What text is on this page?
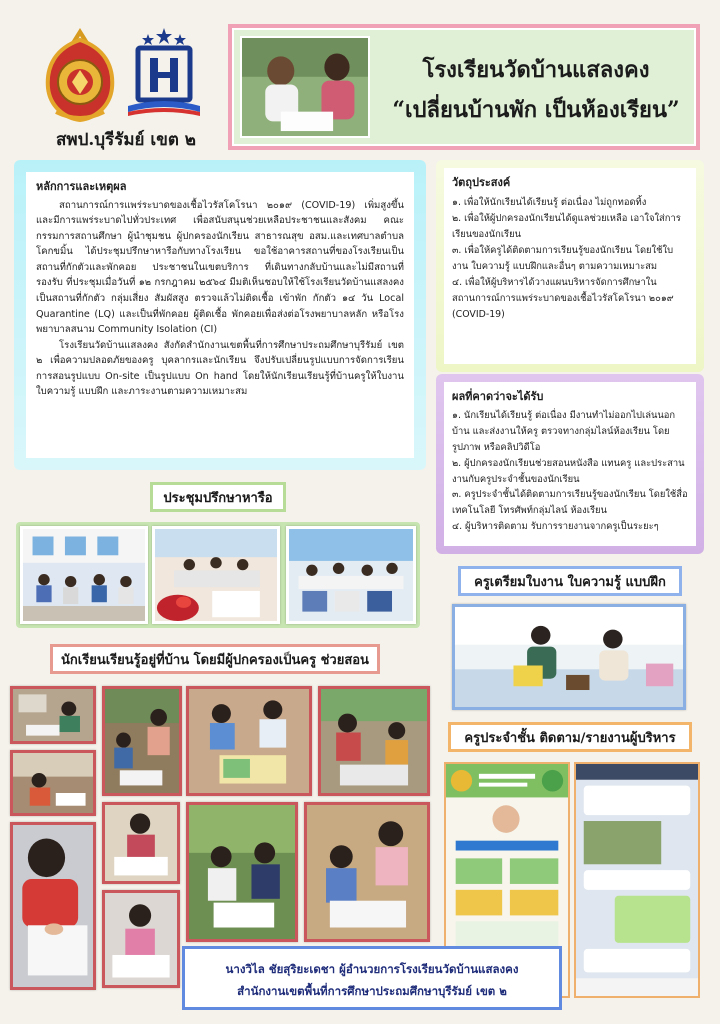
สพป.บุรีรัมย์ เขต ๒
โรงเรียนวัดบ้านแสลงคง
“เปลี่ยนบ้านพัก เป็นห้องเรียน”
หลักการและเหตุผล

สถานการณ์การแพร่ระบาดของเชื้อไวรัสโคโรนา ๒๐๑๙ (COVID-19) เพิ่มสูงขึ้น และมีการแพร่ระบาดไปทั่วประเทศ เพื่อสนับสนุนช่วยเหลือประชาชนและสังคม คณะกรรมการสถานศึกษา ผู้นำชุมชน ผู้ปกครองนักเรียน สาธารณสุข อสม.และเทศบาลตำบลโคกขมิ้น ได้ประชุมปรึกษาหารือกับทางโรงเรียน ขอใช้อาคารสถานที่ของโรงเรียนเป็นสถานที่กักตัวและพักคอย ประชาชนในเขตบริการ ที่เดินทางกลับบ้านและไม่มีสถานที่รองรับ ที่ประชุมเมื่อวันที่ ๑๒ กรกฎาคม ๒๕๖๔ มีมติเห็นชอบให้ใช้โรงเรียนวัดบ้านแสลงคง เป็นสถานที่กักตัว กลุ่มเสี่ยง สัมผัสสูง ตรวจแล้วไม่ติดเชื้อ เข้าพัก กักตัว ๑๔ วัน Local Quarantine (LQ) และเป็นที่พักคอย ผู้ติดเชื้อ พักคอยเพื่อส่งต่อโรงพยาบาลหลัก หรือโรงพยาบาลสนาม Community Isolation (CI)

โรงเรียนวัดบ้านแสลงคง สังกัดสำนักงานเขตพื้นที่การศึกษาประถมศึกษาบุรีรัมย์ เขต ๒ เพื่อความปลอดภัยของครู บุคลากรและนักเรียน จึงปรับเปลี่ยนรูปแบบการจัดการเรียนการสอนรูปแบบ On-site เป็นรูปแบบ On hand โดยให้นักเรียนเรียนรู้ที่บ้านครูให้ใบงาน ใบความรู้ แบบฝึก และภาระงานตามความเหมาะสม

วัตถุประสงค์
๑. เพื่อให้นักเรียนได้เรียนรู้ ต่อเนื่อง ไม่ถูกทอดทิ้ง
๒. เพื่อให้ผู้ปกครองนักเรียนได้ดูแลช่วยเหลือ เอาใจใส่การเรียนของนักเรียน
๓. เพื่อให้ครูได้ติดตามการเรียนรู้ของนักเรียน โดยใช้ใบงาน ใบความรู้ แบบฝึกและอื่นๆ ตามความเหมาะสม
๔. เพื่อให้ผู้บริหารได้วางแผนบริหารจัดการศึกษาในสถานการณ์การแพร่ระบาดของเชื้อไวรัสโคโรนา ๒๐๑๙ (COVID-19)
ผลที่คาดว่าจะได้รับ
๑. นักเรียนได้เรียนรู้ ต่อเนื่อง มีงานทำไม่ออกไปเล่นนอกบ้าน และส่งงานให้ครู ตรวจทางกลุ่มไลน์ห้องเรียน โดยรูปภาพ หรือคลิปวิดีโอ
๒. ผู้ปกครองนักเรียนช่วยสอนหนังสือ แทนครู และประสานงานกับครูประจำชั้นของนักเรียน
๓. ครูประจำชั้นได้ติดตามการเรียนรู้ของนักเรียน โดยใช้สื่อเทคโนโลยี โทรศัพท์กลุ่มไลน์ ห้องเรียน
๔. ผู้บริหารติดตาม รับการรายงานจากครูเป็นระยะๆ
ประชุมปรึกษาหารือ
ครูเตรียมใบงาน ใบความรู้ แบบฝึก
นักเรียนเรียนรู้อยู่ที่บ้าน โดยมีผู้ปกครองเป็นครู ช่วยสอน
ครูประจำชั้น ติดตาม/รายงานผู้บริหาร
นางวิไล ชัยสุริยะเดชา ผู้อำนวยการโรงเรียนวัดบ้านแสลงคง
สำนักงานเขตพื้นที่การศึกษาประถมศึกษาบุรีรัมย์ เขต ๒
